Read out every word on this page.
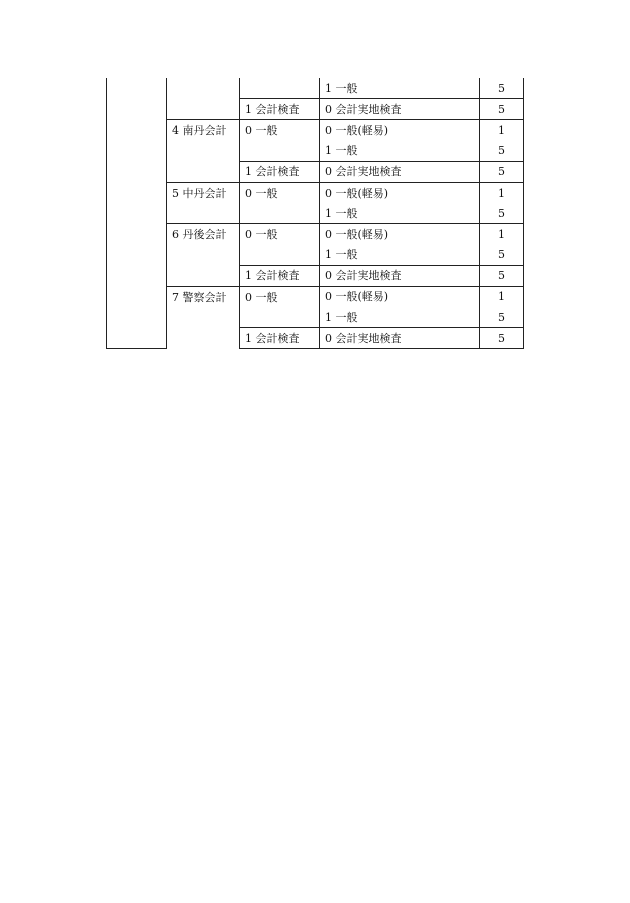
			1 一般	5
		1 会計検査	0 会計実地検査	5
	4 南丹会計	0 一般	0 一般(軽易)	1
			1 一般	5
		1 会計検査	0 会計実地検査	5
	5 中丹会計	0 一般	0 一般(軽易)	1
			1 一般	5
	6 丹後会計	0 一般	0 一般(軽易)	1
			1 一般	5
		1 会計検査	0 会計実地検査	5
	7 警察会計	0 一般	0 一般(軽易)	1
			1 一般	5
		1 会計検査	0 会計実地検査	5
